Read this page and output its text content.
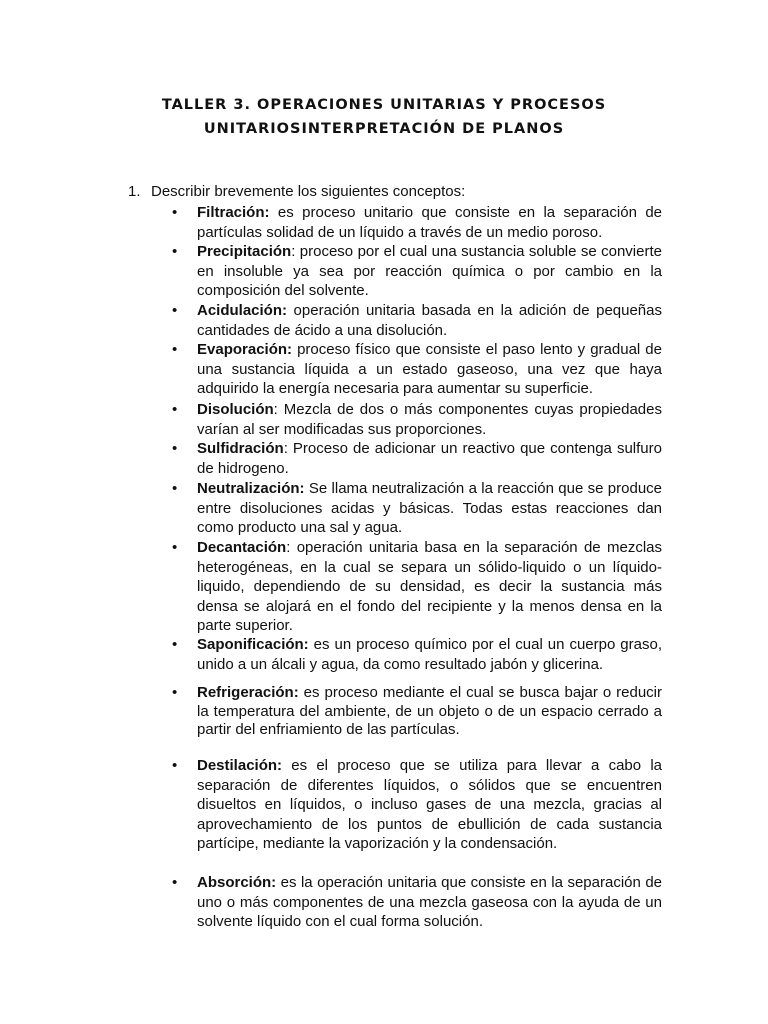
TALLER 3. OPERACIONES UNITARIAS Y PROCESOS
UNITARIOSINTERPRETACIÓN DE PLANOS
1. Describir brevemente los siguientes conceptos:
• Filtración: es proceso unitario que consiste en la separación de partículas solidad de un líquido a través de un medio poroso.
• Precipitación: proceso por el cual una sustancia soluble se convierte en insoluble ya sea por reacción química o por cambio en la composición del solvente.
• Acidulación: operación unitaria basada en la adición de pequeñas cantidades de ácido a una disolución.
• Evaporación: proceso físico que consiste el paso lento y gradual de una sustancia líquida a un estado gaseoso, una vez que haya adquirido la energía necesaria para aumentar su superficie.
• Disolución: Mezcla de dos o más componentes cuyas propiedades varían al ser modificadas sus proporciones.
• Sulfidración: Proceso de adicionar un reactivo que contenga sulfuro de hidrogeno.
• Neutralización: Se llama neutralización a la reacción que se produce entre disoluciones acidas y básicas. Todas estas reacciones dan como producto una sal y agua.
• Decantación: operación unitaria basa en la separación de mezclas heterogéneas, en la cual se separa un sólido-liquido o un líquido-liquido, dependiendo de su densidad, es decir la sustancia más densa se alojará en el fondo del recipiente y la menos densa en la parte superior.
• Saponificación: es un proceso químico por el cual un cuerpo graso, unido a un álcali y agua, da como resultado jabón y glicerina.
• Refrigeración: es proceso mediante el cual se busca bajar o reducir la temperatura del ambiente, de un objeto o de un espacio cerrado a partir del enfriamiento de las partículas.
• Destilación: es el proceso que se utiliza para llevar a cabo la separación de diferentes líquidos, o sólidos que se encuentren disueltos en líquidos, o incluso gases de una mezcla, gracias al aprovechamiento de los puntos de ebullición de cada sustancia partícipe, mediante la vaporización y la condensación.
• Absorción: es la operación unitaria que consiste en la separación de uno o más componentes de una mezcla gaseosa con la ayuda de un solvente líquido con el cual forma solución.
